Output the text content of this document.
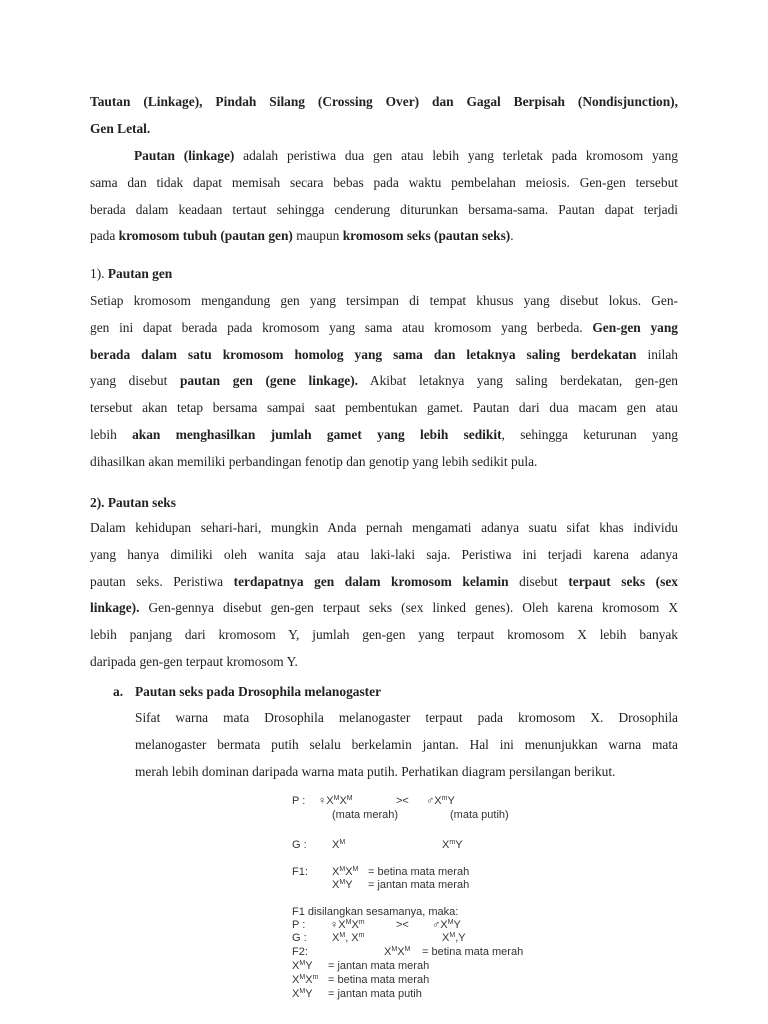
Tautan (Linkage), Pindah Silang (Crossing Over) dan Gagal Berpisah (Nondisjunction),
Gen Letal.
Pautan (linkage) adalah peristiwa dua gen atau lebih yang terletak pada kromosom yang
sama dan tidak dapat memisah secara bebas pada waktu pembelahan meiosis. Gen-gen tersebut
berada dalam keadaan tertaut sehingga cenderung diturunkan bersama-sama. Pautan dapat terjadi
pada kromosom tubuh (pautan gen) maupun kromosom seks (pautan seks).
1). Pautan gen
Setiap kromosom mengandung gen yang tersimpan di tempat khusus yang disebut lokus. Gen-
gen ini dapat berada pada kromosom yang sama atau kromosom yang berbeda. Gen-gen yang
berada dalam satu kromosom homolog yang sama dan letaknya saling berdekatan inilah
yang disebut pautan gen (gene linkage). Akibat letaknya yang saling berdekatan, gen-gen
tersebut akan tetap bersama sampai saat pembentukan gamet. Pautan dari dua macam gen atau
lebih akan menghasilkan jumlah gamet yang lebih sedikit, sehingga keturunan yang
dihasilkan akan memiliki perbandingan fenotip dan genotip yang lebih sedikit pula.
2). Pautan seks
Dalam kehidupan sehari-hari, mungkin Anda pernah mengamati adanya suatu sifat khas individu
yang hanya dimiliki oleh wanita saja atau laki-laki saja. Peristiwa ini terjadi karena adanya
pautan seks. Peristiwa terdapatnya gen dalam kromosom kelamin disebut terpaut seks (sex
linkage). Gen-gennya disebut gen-gen terpaut seks (sex linked genes). Oleh karena kromosom X
lebih panjang dari kromosom Y, jumlah gen-gen yang terpaut kromosom X lebih banyak
daripada gen-gen terpaut kromosom Y.
a. Pautan seks pada Drosophila melanogaster
Sifat warna mata Drosophila melanogaster terpaut pada kromosom X. Drosophila
melanogaster bermata putih selalu berkelamin jantan. Hal ini menunjukkan warna mata
merah lebih dominan daripada warna mata putih. Perhatikan diagram persilangan berikut.
P : $♀X^MX^M$	>< $♂X^mY$
(mata merah)	(mata putih)
G : $X^M$	$X^mY$
F1: $X^MX^M$ = betina mata merah
$X^MY = jantan$ mata merah
F1 disilangkan sesamanya, maka:
P : $♀X^MX^m$	>< $♂X^MY$
G : $X^M$, $X^m$	$X^M,Y$
F2:	$X^MX^M$ = betina mata merah
$X^MY = jantan$ mata merah
$X^MX^m$ = betina mata merah
$X^MY = jantan$ mata putih
